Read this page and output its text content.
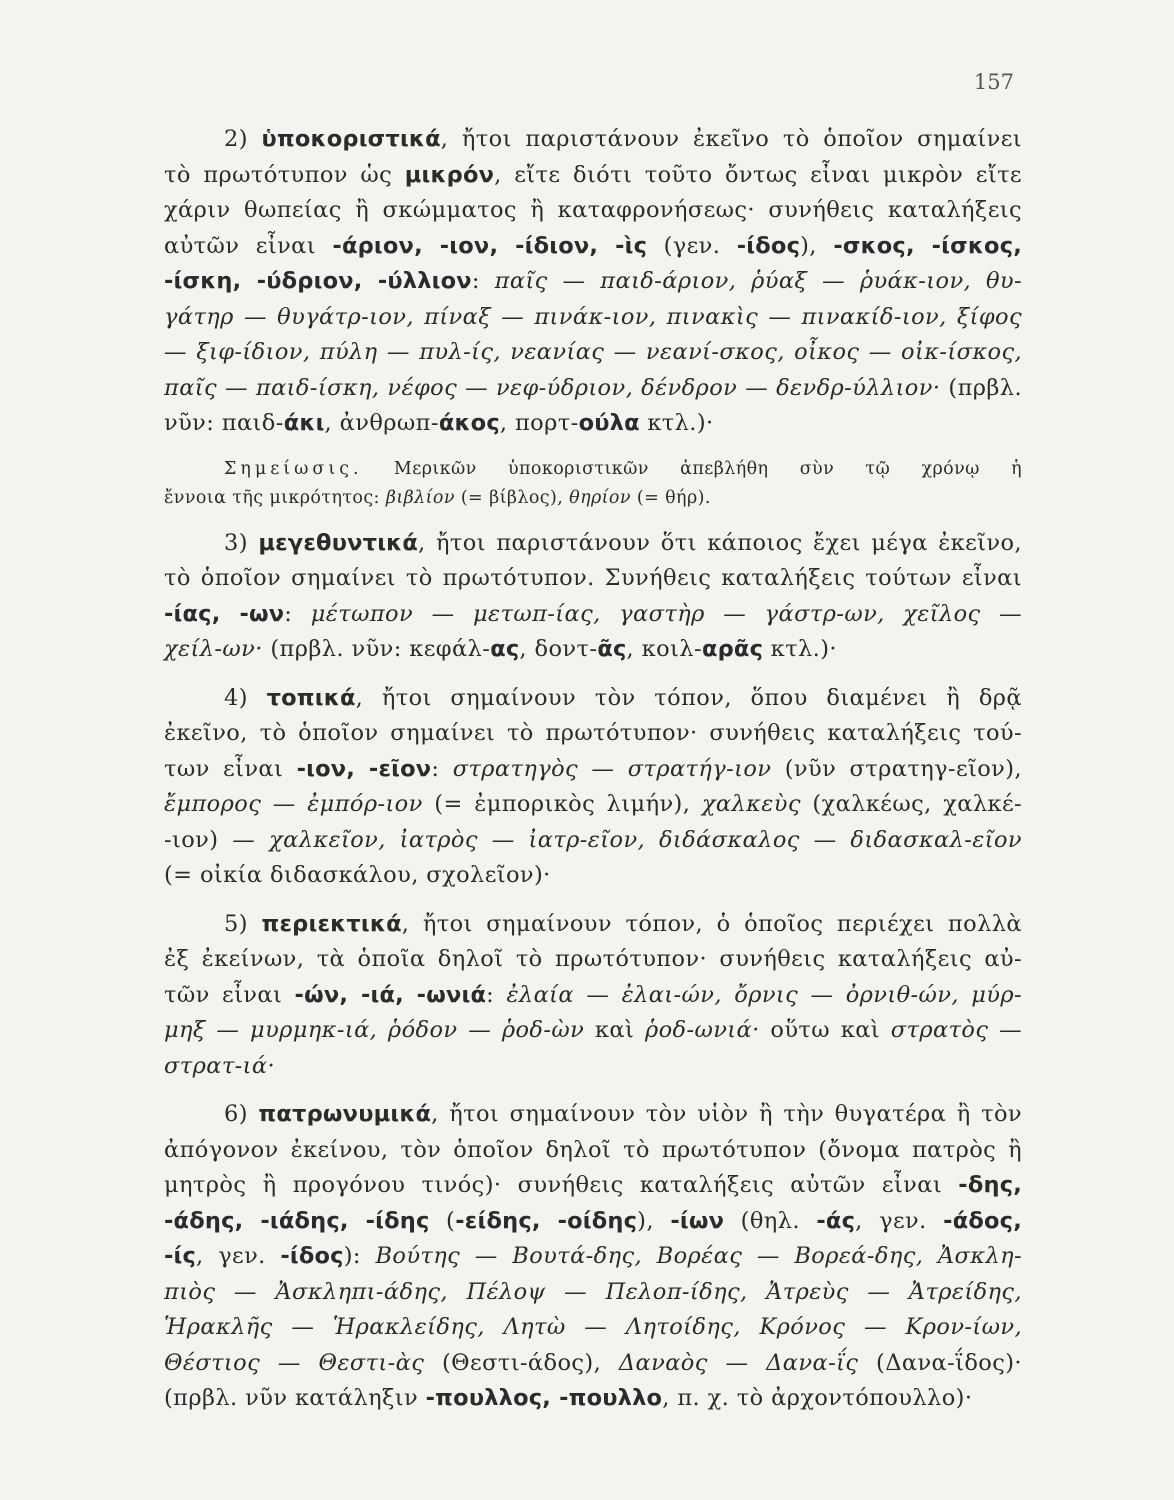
157
2) ὑποκοριστικά, ἤτοι παριστάνουν ἐκεῖνο τὸ ὁποῖον σημαίνει
τὸ πρωτότυπον ὡς μικρόν, εἴτε διότι τοῦτο ὄντως εἶναι μικρὸν εἴτε
χάριν θωπείας ἢ σκώμματος ἢ καταφρονήσεως· συνήθεις καταλήξεις
αὐτῶν εἶναι -άριον, -ιον, -ίδιον, -ὶς (γεν. -ίδος), -σκος, -ίσκος,
-ίσκη, -ύδριον, -ύλλιον: παῖς — παιδ-άριον, ῥύαξ — ῥυάκ-ιον, θυ-
γάτηρ — θυγάτρ-ιον, πίναξ — πινάκ-ιον, πινακὶς — πινακίδ-ιον, ξίφος
— ξιφ-ίδιον, πύλη — πυλ-ίς, νεανίας — νεανί-σκος, οἶκος — οἰκ-ίσκος,
παῖς — παιδ-ίσκη, νέφος — νεφ-ύδριον, δένδρον — δενδρ-ύλλιον· (πρβλ.
νῦν: παιδ-άκι, ἀνθρωπ-άκος, πορτ-ούλα κτλ.)·
Σημείωσις. Μερικῶν ὑποκοριστικῶν ἀπεβλήθη σὺν τῷ χρόνῳ ἡ
ἔννοια τῆς μικρότητος: βιβλίον (= βίβλος), θηρίον (= θήρ).
3) μεγεθυντικά, ἤτοι παριστάνουν ὅτι κάποιος ἔχει μέγα ἐκεῖνο,
τὸ ὁποῖον σημαίνει τὸ πρωτότυπον. Συνήθεις καταλήξεις τούτων εἶναι
-ίας, -ων: μέτωπον — μετωπ-ίας, γαστὴρ — γάστρ-ων, χεῖλος —
χείλ-ων· (πρβλ. νῦν: κεφάλ-ας, δοντ-ᾶς, κοιλ-αρᾶς κτλ.)·
4) τοπικά, ἤτοι σημαίνουν τὸν τόπον, ὅπου διαμένει ἢ δρᾷ
ἐκεῖνο, τὸ ὁποῖον σημαίνει τὸ πρωτότυπον· συνήθεις καταλήξεις τού-
των εἶναι -ιον, -εῖον: στρατηγὸς — στρατήγ-ιον (νῦν στρατηγ-εῖον),
ἔμπορος — ἐμπόρ-ιον (= ἐμπορικὸς λιμήν), χαλκεὺς (χαλκέως, χαλκέ-
-ιον) — χαλκεῖον, ἰατρὸς — ἰατρ-εῖον, διδάσκαλος — διδασκαλ-εῖον
(= οἰκία διδασκάλου, σχολεῖον)·
5) περιεκτικά, ἤτοι σημαίνουν τόπον, ὁ ὁποῖος περιέχει πολλὰ
ἐξ ἐκείνων, τὰ ὁποῖα δηλοῖ τὸ πρωτότυπον· συνήθεις καταλήξεις αὐ-
τῶν εἶναι -ών, -ιά, -ωνιά: ἐλαία — ἐλαι-ών, ὄρνις — ὀρνιθ-ών, μύρ-
μηξ — μυρμηκ-ιά, ῥόδον — ῥοδ-ὼν καὶ ῥοδ-ωνιά· οὕτω καὶ στρατὸς —
στρατ-ιά·
6) πατρωνυμικά, ἤτοι σημαίνουν τὸν υἱὸν ἢ τὴν θυγατέρα ἢ τὸν
ἀπόγονον ἐκείνου, τὸν ὁποῖον δηλοῖ τὸ πρωτότυπον (ὄνομα πατρὸς ἢ
μητρὸς ἢ προγόνου τινός)· συνήθεις καταλήξεις αὐτῶν εἶναι -δης,
-άδης, -ιάδης, -ίδης (-είδης, -οίδης), -ίων (θηλ. -άς, γεν. -άδος,
-ίς, γεν. -ίδος): Βούτης — Βουτά-δης, Βορέας — Βορεά-δης, Ἀσκλη-
πιὸς — Ἀσκληπι-άδης, Πέλοψ — Πελοπ-ίδης, Ἀτρεὺς — Ἀτρείδης,
Ἡρακλῆς — Ἡρακλείδης, Λητὼ — Λητοίδης, Κρόνος — Κρον-ίων,
Θέστιος — Θεστι-ὰς (Θεστι-άδος), Δαναὸς — Δανα-ΐς (Δανα-ΐδος)·
(πρβλ. νῦν κατάληξιν -πουλλος, -πουλλο, π. χ. τὸ ἀρχοντόπουλλο)·
